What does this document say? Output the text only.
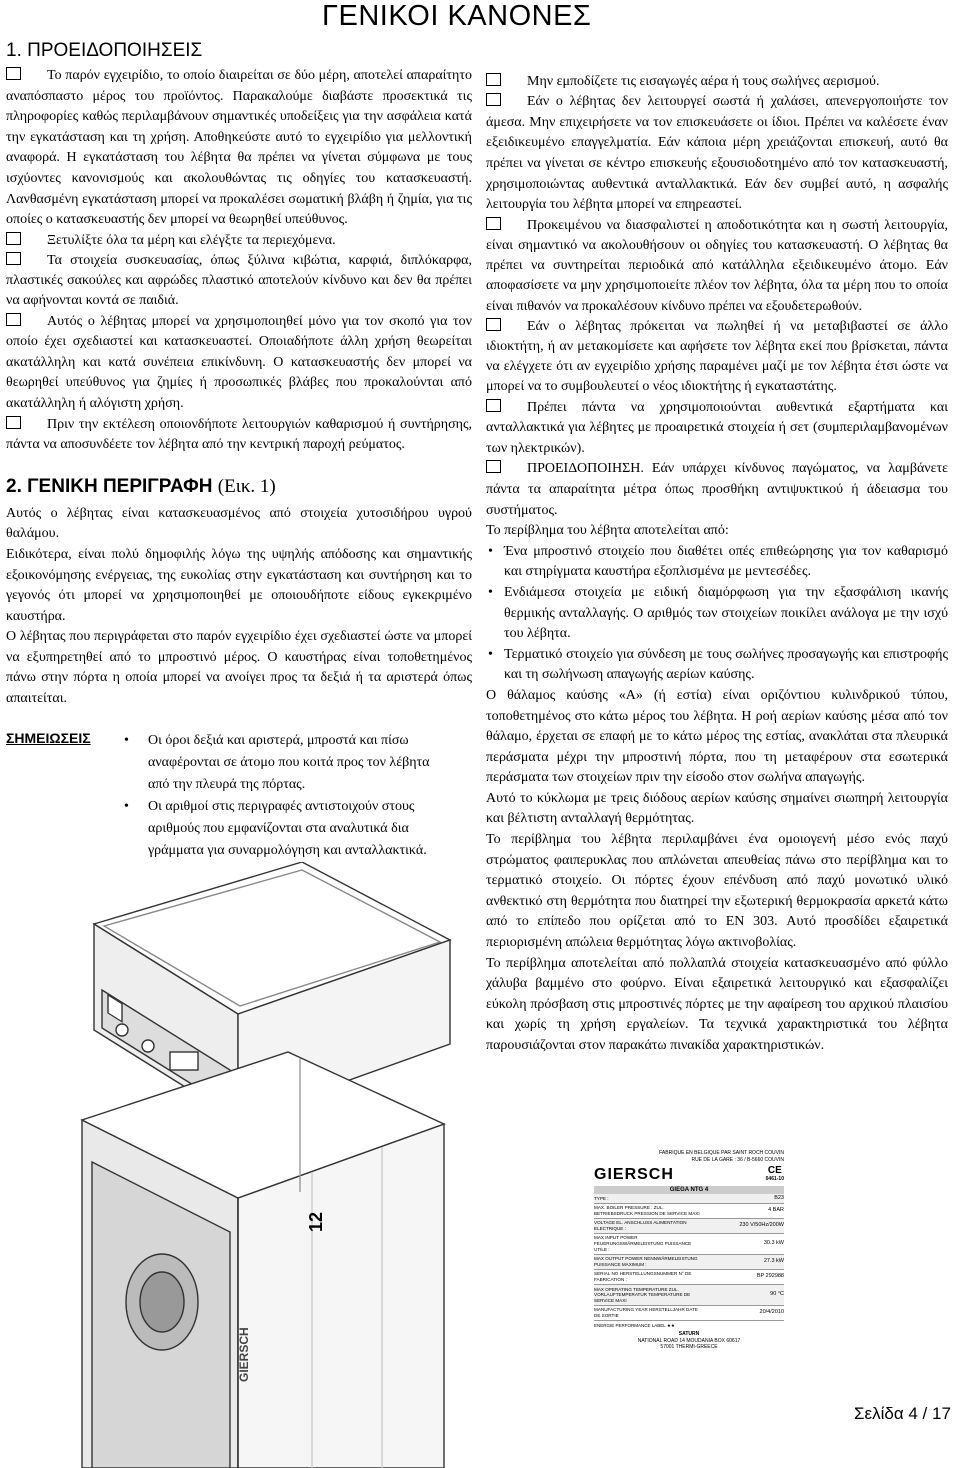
ΓΕΝΙΚΟΙ ΚΑΝΟΝΕΣ
1. ΠΡΟΕΙΔΟΠΟΙΗΣΕΙΣ

Το παρόν εγχειρίδιο, το οποίο διαιρείται σε δύο μέρη, αποτελεί απαραίτητο αναπόσπαστο μέρος του προϊόντος. Παρακαλούμε διαβάστε προσεκτικά τις πληροφορίες καθώς περιλαμβάνουν σημαντικές υποδείξεις για την ασφάλεια κατά την εγκατάσταση και τη χρήση. Αποθηκεύστε αυτό το εγχειρίδιο για μελλοντική αναφορά. Η εγκατάσταση του λέβητα θα πρέπει να γίνεται σύμφωνα με τους ισχύοντες κανονισμούς και ακολουθώντας τις οδηγίες του κατασκευαστή. Λανθασμένη εγκατάσταση μπορεί να προκαλέσει σωματική βλάβη ή ζημία, για τις οποίες ο κατασκευαστής δεν μπορεί να θεωρηθεί υπεύθυνος.

Ξετυλίξτε όλα τα μέρη και ελέγξτε τα περιεχόμενα.

Τα στοιχεία συσκευασίας, όπως ξύλινα κιβώτια, καρφιά, διπλόκαρφα, πλαστικές σακούλες και αφρώδες πλαστικό αποτελούν κίνδυνο και δεν θα πρέπει να αφήνονται κοντά σε παιδιά.

Αυτός ο λέβητας μπορεί να χρησιμοποιηθεί μόνο για τον σκοπό για τον οποίο έχει σχεδιαστεί και κατασκευαστεί. Οποιαδήποτε άλλη χρήση θεωρείται ακατάλληλη και κατά συνέπεια επικίνδυνη. Ο κατασκευαστής δεν μπορεί να θεωρηθεί υπεύθυνος για ζημίες ή προσωπικές βλάβες που προκαλούνται από ακατάλληλη ή αλόγιστη χρήση.

Πριν την εκτέλεση οποιονδήποτε λειτουργιών καθαρισμού ή συντήρησης, πάντα να αποσυνδέετε τον λέβητα από την κεντρική παροχή ρεύματος.

2. ΓΕΝΙΚΗ ΠΕΡΙΓΡΑΦΗ (Εικ. 1)

Αυτός ο λέβητας είναι κατασκευασμένος από στοιχεία χυτοσιδήρου υγρού θαλάμου.

Ειδικότερα, είναι πολύ δημοφιλής λόγω της υψηλής απόδοσης και σημαντικής εξοικονόμησης ενέργειας, της ευκολίας στην εγκατάσταση και συντήρηση και το γεγονός ότι μπορεί να χρησιμοποιηθεί με οποιουδήποτε είδους εγκεκριμένο καυστήρα.

Ο λέβητας που περιγράφεται στο παρόν εγχειρίδιο έχει σχεδιαστεί ώστε να μπορεί να εξυπηρετηθεί από το μπροστινό μέρος. Ο καυστήρας είναι τοποθετημένος πάνω στην πόρτα η οποία μπορεί να ανοίγει προς τα δεξιά ή τα αριστερά όπως απαιτείται.

ΣΗΜΕΙΩΣΕΙΣ
•	Οι όροι δεξιά και αριστερά, μπροστά και πίσω αναφέρονται σε άτομο που κοιτά προς τον λέβητα από την πλευρά της πόρτας.
• Οι αριθμοί στις περιγραφές αντιστοιχούν στους αριθμούς που εμφανίζονται στα αναλυτικά δια γράμματα για συναρμολόγηση και ανταλλακτικά.
GIERSCH
12

Μην εμποδίζετε τις εισαγωγές αέρα ή τους σωλήνες αερισμού.

Εάν ο λέβητας δεν λειτουργεί σωστά ή χαλάσει, απενεργοποιήστε τον άμεσα. Μην επιχειρήσετε να τον επισκευάσετε οι ίδιοι. Πρέπει να καλέσετε έναν εξειδικευμένο επαγγελματία. Εάν κάποια μέρη χρειάζονται επισκευή, αυτό θα πρέπει να γίνεται σε κέντρο επισκευής εξουσιοδοτημένο από τον κατασκευαστή, χρησιμοποιώντας αυθεντικά ανταλλακτικά. Εάν δεν συμβεί αυτό, η ασφαλής λειτουργία του λέβητα μπορεί να επηρεαστεί.

Προκειμένου να διασφαλιστεί η αποδοτικότητα και η σωστή λειτουργία, είναι σημαντικό να ακολουθήσουν οι οδηγίες του κατασκευαστή. Ο λέβητας θα πρέπει να συντηρείται περιοδικά από κατάλληλα εξειδικευμένο άτομο. Εάν αποφασίσετε να μην χρησιμοποιείτε πλέον τον λέβητα, όλα τα μέρη που το οποία είναι πιθανόν να προκαλέσουν κίνδυνο πρέπει να εξουδετερωθούν.

Εάν ο λέβητας πρόκειται να πωληθεί ή να μεταβιβαστεί σε άλλο ιδιοκτήτη, ή αν μετακομίσετε και αφήσετε τον λέβητα εκεί που βρίσκεται, πάντα να ελέγχετε ότι αν εγχειρίδιο χρήσης παραμένει μαζί με τον λέβητα έτσι ώστε να μπορεί να το συμβουλευτεί ο νέος ιδιοκτήτης ή εγκαταστάτης.

Πρέπει πάντα να χρησιμοποιούνται αυθεντικά εξαρτήματα και ανταλλακτικά για λέβητες με προαιρετικά στοιχεία ή σετ (συμπεριλαμβανομένων των ηλεκτρικών).

ΠΡΟΕΙΔΟΠΟΙΗΣΗ. Εάν υπάρχει κίνδυνος παγώματος, να λαμβάνετε πάντα τα απαραίτητα μέτρα όπως προσθήκη αντιψυκτικού ή άδειασμα του συστήματος.

Το περίβλημα του λέβητα αποτελείται από:

• Ένα μπροστινό στοιχείο που διαθέτει οπές επιθεώρησης για τον καθαρισμό και στηρίγματα καυστήρα εξοπλισμένα με μεντεσέδες.

• Ενδιάμεσα στοιχεία με ειδική διαμόρφωση για την εξασφάλιση ικανής θερμικής ανταλλαγής. Ο αριθμός των στοιχείων ποικίλει ανάλογα με την ισχύ του λέβητα.

• Τερματικό στοιχείο για σύνδεση με τους σωλήνες προσαγωγής και επιστροφής και τη σωλήνωση απαγωγής αερίων καύσης.

Ο θάλαμος καύσης «A» (ή εστία) είναι οριζόντιου κυλινδρικού τύπου, τοποθετημένος στο κάτω μέρος του λέβητα. Η ροή αερίων καύσης μέσα από τον θάλαμο, έρχεται σε επαφή με το κάτω μέρος της εστίας, ανακλάται στα πλευρικά περάσματα μέχρι την μπροστινή πόρτα, που τη μεταφέρουν στα εσωτερικά περάσματα των στοιχείων πριν την είσοδο στον σωλήνα απαγωγής.

Αυτό το κύκλωμα με τρεις διόδους αερίων καύσης σημαίνει σιωπηρή λειτουργία και βέλτιστη ανταλλαγή θερμότητας.

Το περίβλημα του λέβητα περιλαμβάνει ένα ομοιογενή μέσο ενός παχύ στρώματος φαιπερυκλας που απλώνεται απευθείας πάνω στο περίβλημα και το τερματικό στοιχείο. Οι πόρτες έχουν επένδυση από παχύ μονωτικό υλικό ανθεκτικό στη θερμότητα που διατηρεί την εξωτερική θερμοκρασία αρκετά κάτω από το επίπεδο που ορίζεται από το EN 303. Αυτό προσδίδει εξαιρετικά περιορισμένη απώλεια θερμότητας λόγω ακτινοβολίας.

Το περίβλημα αποτελείται από πολλαπλά στοιχεία κατασκευασμένο από φύλλο χάλυβα βαμμένο στο φούρνο. Είναι εξαιρετικά λειτουργικό και εξασφαλίζει εύκολη πρόσβαση στις μπροστινές πόρτες με την αφαίρεση του αρχικού πλαισίου και χωρίς τη χρήση εργαλείων. Τα τεχνικά χαρακτηριστικά του λέβητα παρουσιάζονται στον παρακάτω πινακίδα χαρακτηριστικών.

FABRIQUE EN BELGIQUE PAR SAINT ROCH COUVIN
RUE DE LA GARE : 36 / B-5660 COUVIN
GIERSCH	CE
0461-10
GIEGA NTG 4
TYPE :	B23
MAX. BOILER PRESSURE : ZUL. BETRIEBSDRUCK PRESSION DE SERVICE MAXI
4 BAR
VOLTAGE EL. ANSCHLUSS ALIMENTATION ELECTRIQUE :
230 V/50Hz/200W
MAX INPUT POWER FEUERUNGSWÄRMELEISTUNG PUISSANCE UTILE :
30.3 kW
MAX OUTPUT POWER NENNWÄRMELEISTUNG PUISSANCE MAXIMUM :
27.3 kW
SERIAL NO HERSTELLUNGSNUMMER N° DE FABRICATION :
BP 292988
MAX OPERATING TEMPERATURE ZUL. VORLAUFTEMPERATUR TEMPERATURE DE SERVICE MAXI
90 °C
MANUFACTURING YEAR HERSTELLJAHR DATE DE SORTIE
20/4/2010
ENERGIE PERFORMANCE LABEL ★★
SATURN
NATIONAL ROAD 14 MOUDANIA BOX 60617
57001 THERMI-GREECE
Σελίδα 4 / 17
